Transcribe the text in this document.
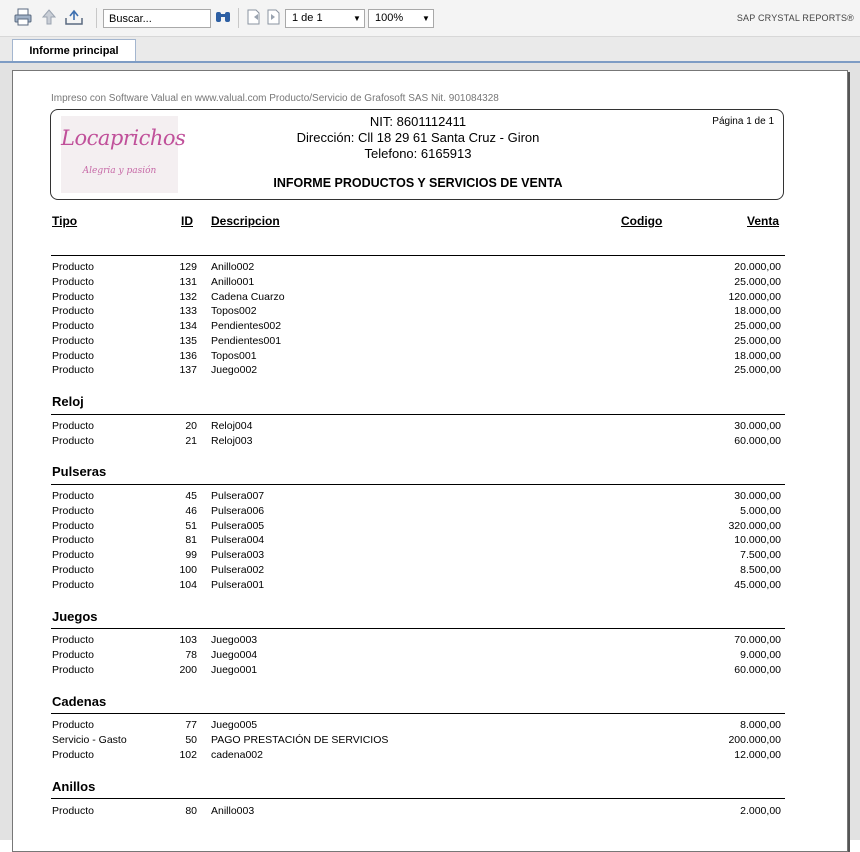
Buscar...	1 de 1	▼	100%	▼	SAP CRYSTAL REPORTS®
Informe principal
Impreso con Software Valual en www.valual.com Producto/Servicio de Grafosoft SAS Nit. 901084328
Locaprichos
Alegria y pasión
NIT: 8601112411
Dirección: Cll 18 29 61 Santa Cruz - Giron
Telefono: 6165913
Página 1 de 1
INFORME PRODUCTOS Y SERVICIOS DE VENTA
Tipo	ID Descripcion	Codigo	Venta
Producto	129 Anillo002	20.000,00
Producto	131 Anillo001	25.000,00
Producto	132 Cadena Cuarzo	120.000,00
Producto	133 Topos002	18.000,00
Producto	134 Pendientes002	25.000,00
Producto	135 Pendientes001	25.000,00
Producto	136 Topos001	18.000,00
Producto	137 Juego002	25.000,00
Reloj
Producto	20 Reloj004	30.000,00
Producto	21 Reloj003	60.000,00
Pulseras
Producto	45 Pulsera007	30.000,00
Producto	46 Pulsera006	5.000,00
Producto	51 Pulsera005	320.000,00
Producto	81 Pulsera004	10.000,00
Producto	99 Pulsera003	7.500,00
Producto	100 Pulsera002	8.500,00
Producto	104 Pulsera001	45.000,00
Juegos
Producto	103 Juego003	70.000,00
Producto	78 Juego004	9.000,00
Producto	200 Juego001	60.000,00
Cadenas
Producto	77 Juego005	8.000,00
Servicio - Gasto	50 PAGO PRESTACIÓN DE SERVICIOS	200.000,00
Producto	102 cadena002	12.000,00
Anillos
Producto	80 Anillo003	2.000,00
